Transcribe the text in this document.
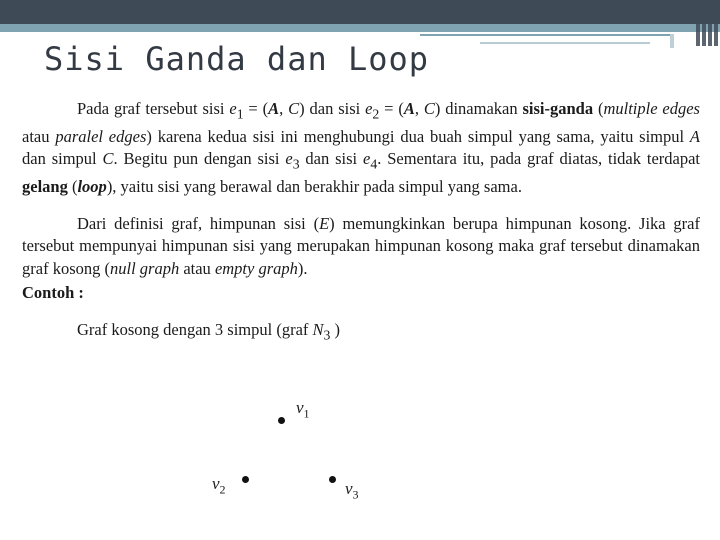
Sisi Ganda dan Loop

Pada graf tersebut sisi $e_1 = (A$, C) dan sisi $e_2 = (A$, C) dinamakan sisi-ganda (multiple edges atau paralel edges) karena kedua sisi ini menghubungi dua buah simpul yang sama, yaitu simpul A dan simpul C. Begitu pun dengan sisi $e_3$ dan sisi $e_4$. Sementara itu, pada graf diatas, tidak terdapat gelang (loop), yaitu sisi yang berawal dan berakhir pada simpul yang sama.

Dari definisi graf, himpunan sisi (E) memungkinkan berupa himpunan kosong. Jika graf tersebut mempunyai himpunan sisi yang merupakan himpunan kosong maka graf tersebut dinamakan graf kosong (null graph atau empty graph).

Contoh :
Graf kosong dengan 3 simpul (graf $N_3$ )
$v_1$
$v_2$	$v_3$
